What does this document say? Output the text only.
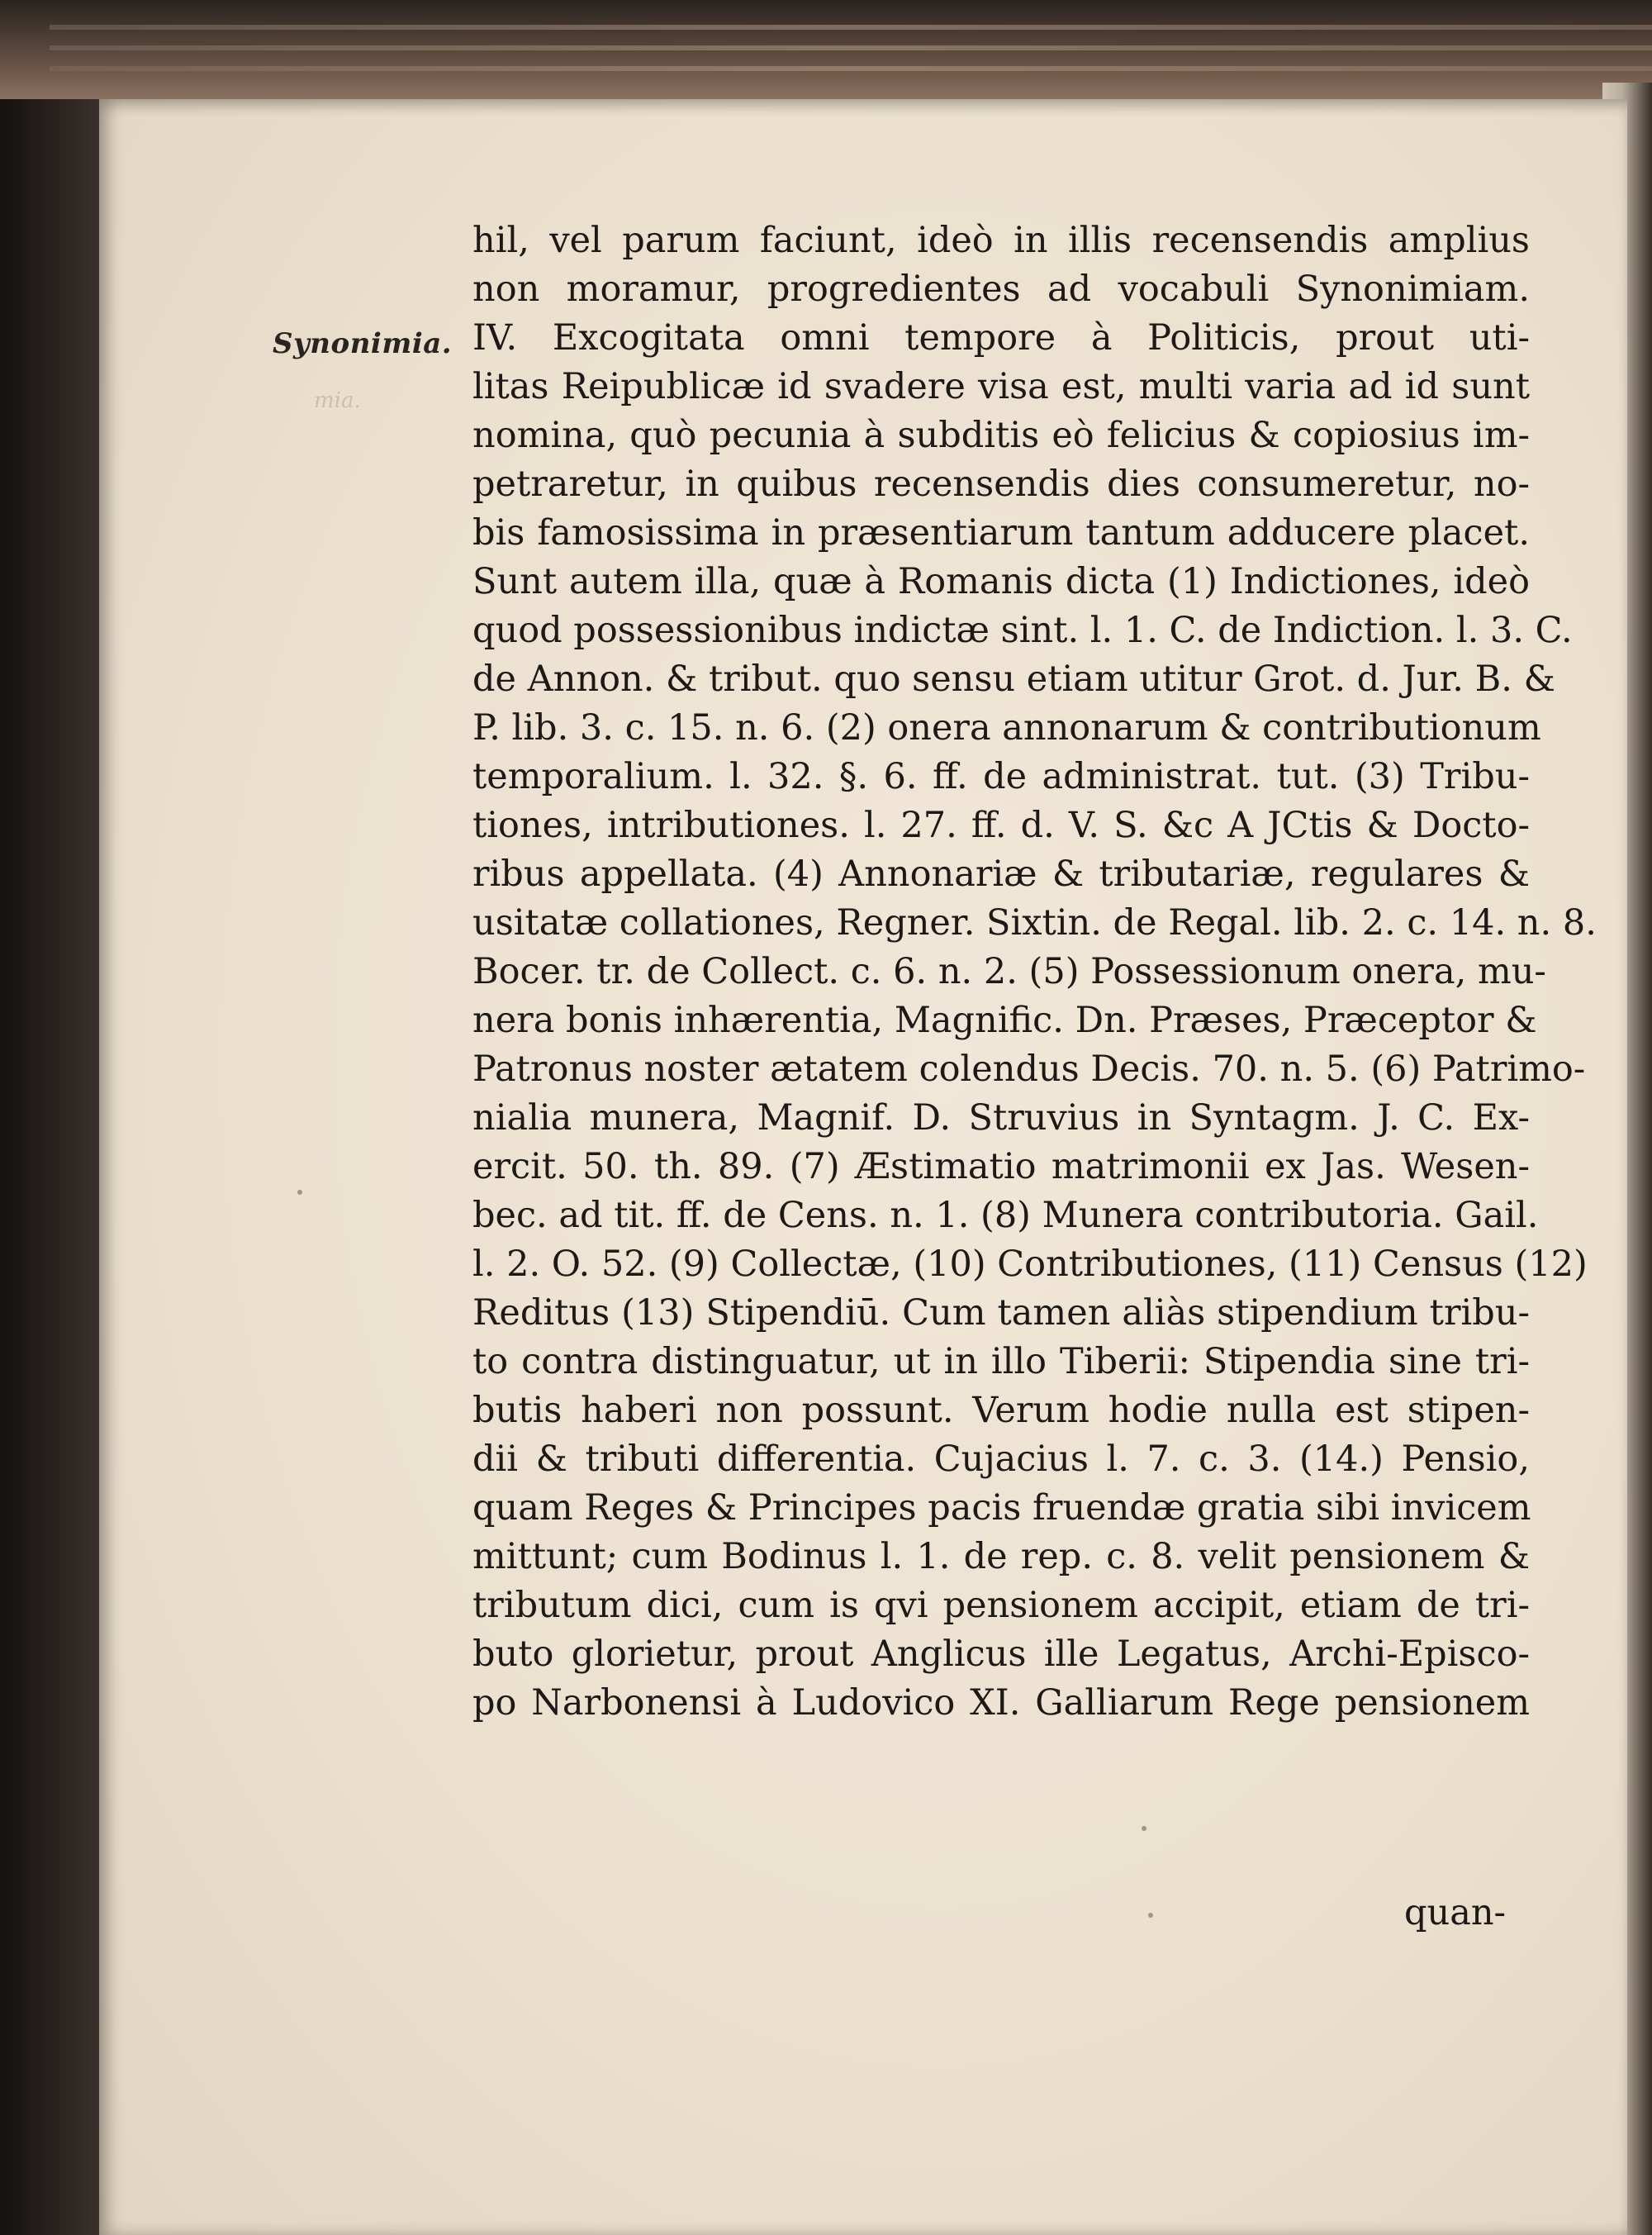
Synonimia.
mia.
hil, vel parum faciunt, ideò in illis recensendis amplius
non moramur, progredientes ad vocabuli Synonimiam.
IV. Excogitata omni tempore à Politicis, prout uti-
litas Reipublicæ id svadere visa est, multi varia ad id sunt
nomina, quò pecunia à subditis eò felicius & copiosius im-
petraretur, in quibus recensendis dies consumeretur, no-
bis famosissima in præsentiarum tantum adducere placet.
Sunt autem illa, quæ à Romanis dicta (1) Indictiones, ideò
quod possessionibus indictæ sint. l. 1. C. de Indiction. l. 3. C.
de Annon. & tribut. quo sensu etiam utitur Grot. d. Jur. B. &
P. lib. 3. c. 15. n. 6. (2) onera annonarum & contributionum
temporalium. l. 32. §. 6. ff. de administrat. tut. (3) Tribu-
tiones, intributiones. l. 27. ff. d. V. S. &c A JCtis & Docto-
ribus appellata. (4) Annonariæ & tributariæ, regulares &
usitatæ collationes, Regner. Sixtin. de Regal. lib. 2. c. 14. n. 8.
Bocer. tr. de Collect. c. 6. n. 2. (5) Possessionum onera, mu-
nera bonis inhærentia, Magnific. Dn. Præses, Præceptor &
Patronus noster ætatem colendus Decis. 70. n. 5. (6) Patrimo-
nialia munera, Magnif. D. Struvius in Syntagm. J. C. Ex-
ercit. 50. th. 89. (7) Æstimatio matrimonii ex Jas. Wesen-
bec. ad tit. ff. de Cens. n. 1. (8) Munera contributoria. Gail.
l. 2. O. 52. (9) Collectæ, (10) Contributiones, (11) Census (12)
Reditus (13) Stipendiū. Cum tamen aliàs stipendium tribu-
to contra distinguatur, ut in illo Tiberii: Stipendia sine tri-
butis haberi non possunt. Verum hodie nulla est stipen-
dii & tributi differentia. Cujacius l. 7. c. 3. (14.) Pensio,
quam Reges & Principes pacis fruendæ gratia sibi invicem
mittunt; cum Bodinus l. 1. de rep. c. 8. velit pensionem &
tributum dici, cum is qvi pensionem accipit, etiam de tri-
buto glorietur, prout Anglicus ille Legatus, Archi-Episco-
po Narbonensi à Ludovico XI. Galliarum Rege pensionem
quan-
